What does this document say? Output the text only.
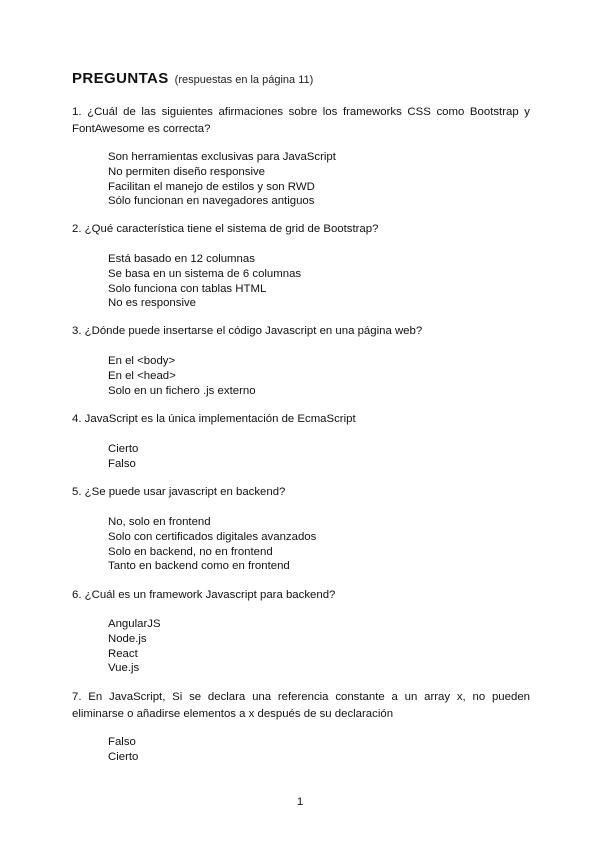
PREGUNTAS (respuestas en la página 11)
1. ¿Cuál de las siguientes afirmaciones sobre los frameworks CSS como Bootstrap y FontAwesome es correcta?
Son herramientas exclusivas para JavaScript
No permiten diseño responsive
Facilitan el manejo de estilos y son RWD
Sólo funcionan en navegadores antiguos
2. ¿Qué característica tiene el sistema de grid de Bootstrap?
Está basado en 12 columnas
Se basa en un sistema de 6 columnas
Solo funciona con tablas HTML
No es responsive
3. ¿Dónde puede insertarse el código Javascript en una página web?
En el <body>
En el <head>
Solo en un fichero .js externo
4. JavaScript es la única implementación de EcmaScript
Cierto
Falso
5. ¿Se puede usar javascript en backend?
No, solo en frontend
Solo con certificados digitales avanzados
Solo en backend, no en frontend
Tanto en backend como en frontend
6. ¿Cuál es un framework Javascript para backend?
AngularJS
Node.js
React
Vue.js
7. En JavaScript, Si se declara una referencia constante a un array x, no pueden eliminarse o añadirse elementos a x después de su declaración
Falso
Cierto
1
